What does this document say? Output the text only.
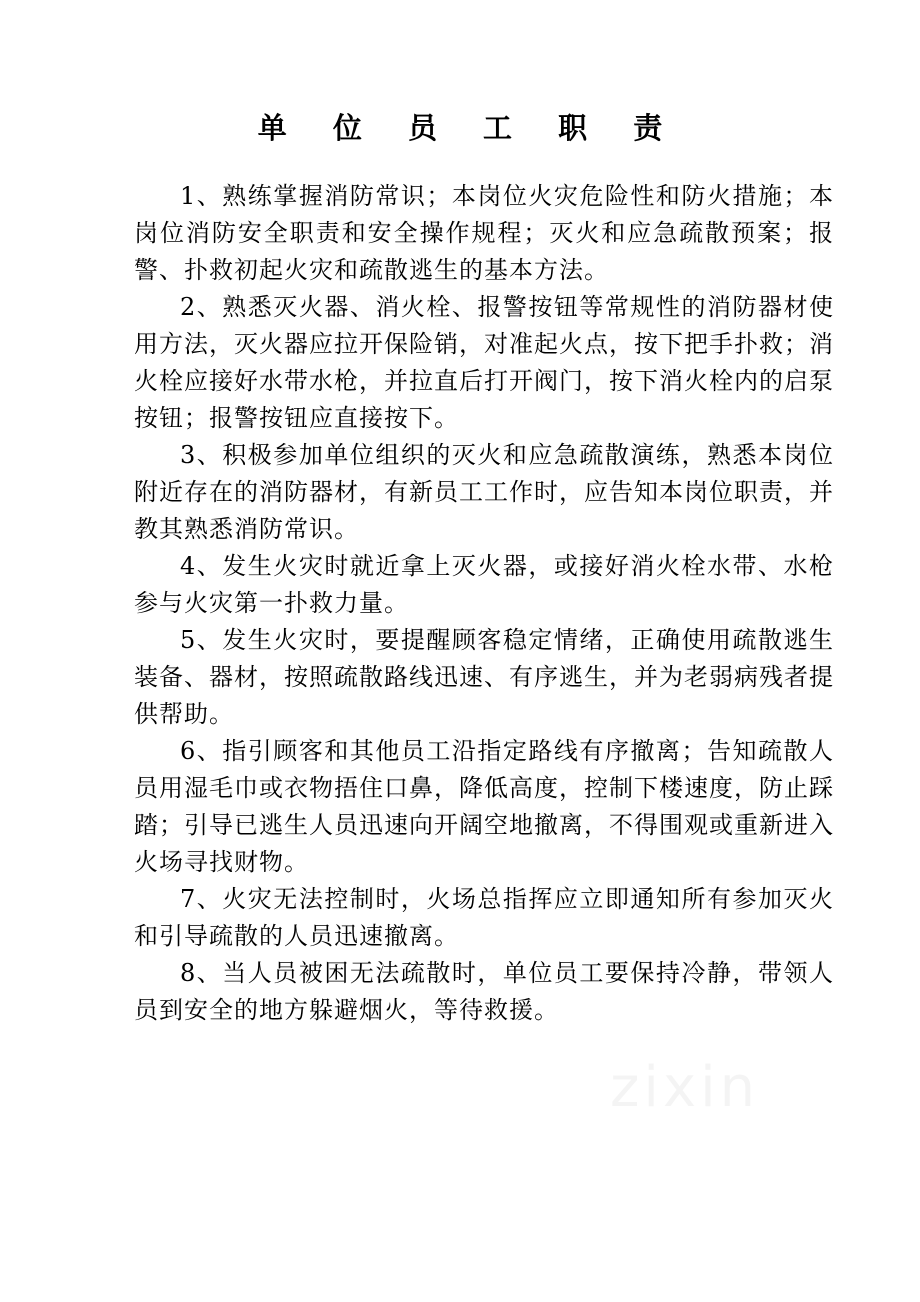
单 位 员 工 职 责

1、熟练掌握消防常识；本岗位火灾危险性和防火措施；本岗位消防安全职责和安全操作规程；灭火和应急疏散预案；报警、扑救初起火灾和疏散逃生的基本方法。

2、熟悉灭火器、消火栓、报警按钮等常规性的消防器材使用方法，灭火器应拉开保险销，对准起火点，按下把手扑救；消火栓应接好水带水枪，并拉直后打开阀门，按下消火栓内的启泵按钮；报警按钮应直接按下。

3、积极参加单位组织的灭火和应急疏散演练，熟悉本岗位附近存在的消防器材，有新员工工作时，应告知本岗位职责，并教其熟悉消防常识。

4、发生火灾时就近拿上灭火器，或接好消火栓水带、水枪参与火灾第一扑救力量。

5、发生火灾时，要提醒顾客稳定情绪，正确使用疏散逃生装备、器材，按照疏散路线迅速、有序逃生，并为老弱病残者提供帮助。

6、指引顾客和其他员工沿指定路线有序撤离；告知疏散人员用湿毛巾或衣物捂住口鼻，降低高度，控制下楼速度，防止踩踏；引导已逃生人员迅速向开阔空地撤离，不得围观或重新进入火场寻找财物。

7、火灾无法控制时，火场总指挥应立即通知所有参加灭火和引导疏散的人员迅速撤离。

8、当人员被困无法疏散时，单位员工要保持冷静，带领人员到安全的地方躲避烟火，等待救援。
